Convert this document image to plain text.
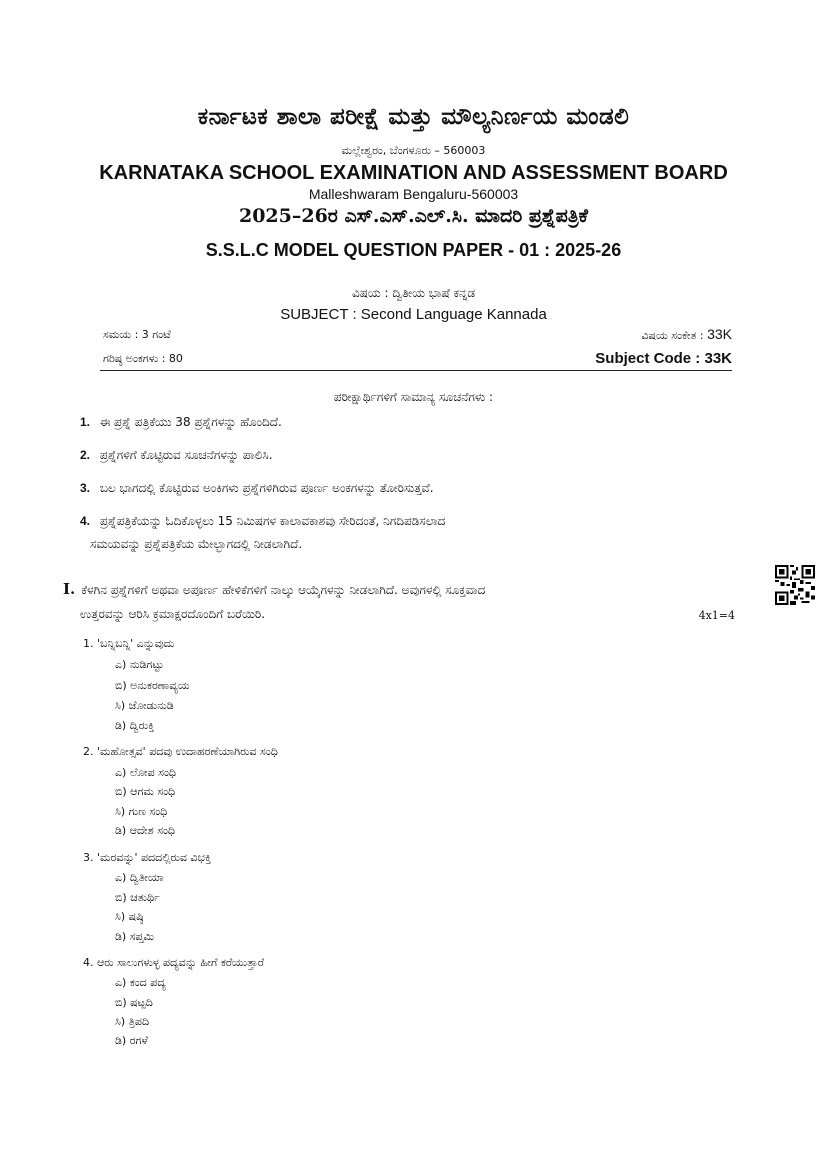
ಕರ್ನಾಟಕ ಶಾಲಾ ಪರೀಕ್ಷೆ ಮತ್ತು ಮೌಲ್ಯನಿರ್ಣಯ ಮಂಡಲಿ
ಮಲ್ಲೇಶ್ವರಂ, ಬೆಂಗಳೂರು – 560003
KARNATAKA SCHOOL EXAMINATION AND ASSESSMENT BOARD
Malleshwaram Bengaluru-560003
2025–26ರ ಎಸ್.ಎಸ್.ಎಲ್.ಸಿ. ಮಾದರಿ ಪ್ರಶ್ನೆಪತ್ರಿಕೆ
S.S.L.C MODEL QUESTION PAPER - 01 : 2025-26
ವಿಷಯ : ದ್ವಿತೀಯ ಭಾಷೆ ಕನ್ನಡ
SUBJECT : Second Language Kannada
ಸಮಯ : 3 ಗಂಟೆ	ವಿಷಯ ಸಂಕೇತ : 33K
ಗರಿಷ್ಠ ಅಂಕಗಳು : 80	Subject Code : 33K
ಪರೀಕ್ಷಾರ್ಥಿಗಳಿಗೆ ಸಾಮಾನ್ಯ ಸೂಚನೆಗಳು :
1. ಈ ಪ್ರಶ್ನೆ ಪತ್ರಿಕೆಯು 38 ಪ್ರಶ್ನೆಗಳನ್ನು ಹೊಂದಿದೆ.
2. ಪ್ರಶ್ನೆಗಳಿಗೆ ಕೊಟ್ಟಿರುವ ಸೂಚನೆಗಳನ್ನು ಪಾಲಿಸಿ.
3. ಬಲ ಭಾಗದಲ್ಲಿ ಕೊಟ್ಟಿರುವ ಅಂಕಿಗಳು ಪ್ರಶ್ನೆಗಳಿಗಿರುವ ಪೂರ್ಣ ಅಂಕಗಳನ್ನು ತೋರಿಸುತ್ತವೆ.
4. ಪ್ರಶ್ನೆಪತ್ರಿಕೆಯನ್ನು ಓದಿಕೊಳ್ಳಲು 15 ನಿಮಿಷಗಳ ಕಾಲಾವಕಾಶವು ಸೇರಿದಂತೆ, ನಿಗದಿಪಡಿಸಲಾದ
ಸಮಯವನ್ನು ಪ್ರಶ್ನೆಪತ್ರಿಕೆಯ ಮೇಲ್ಭಾಗದಲ್ಲಿ ನೀಡಲಾಗಿದೆ.
I. ಕೆಳಗಿನ ಪ್ರಶ್ನೆಗಳಿಗೆ ಅಥವಾ ಅಪೂರ್ಣ ಹೇಳಿಕೆಗಳಿಗೆ ನಾಲ್ಕು ಆಯ್ಕೆಗಳನ್ನು ನೀಡಲಾಗಿದೆ. ಅವುಗಳಲ್ಲಿ ಸೂಕ್ತವಾದ
ಉತ್ತರವನ್ನು ಆರಿಸಿ ಕ್ರಮಾಕ್ಷರದೊಂದಿಗೆ ಬರೆಯಿರಿ.	4x1=4
1. 'ಬನ್ನಿಬನ್ನಿ' ಎನ್ನುವುದು
ಎ) ನುಡಿಗಟ್ಟು
ಬಿ) ಅನುಕರಣಾವ್ಯಯ
ಸಿ) ಜೋಡುನುಡಿ
ಡಿ) ದ್ವಿರುಕ್ತಿ
2. 'ಮಹೋತ್ಸವ' ಪದವು ಉದಾಹರಣೆಯಾಗಿರುವ ಸಂಧಿ
ಎ) ಲೋಪ ಸಂಧಿ
ಬಿ) ಆಗಮ ಸಂಧಿ
ಸಿ) ಗುಣ ಸಂಧಿ
ಡಿ) ಆದೇಶ ಸಂಧಿ
3. 'ಮರವನ್ನು' ಪದದಲ್ಲಿರುವ ವಿಭಕ್ತಿ
ಎ) ದ್ವಿತೀಯಾ
ಬಿ) ಚತುರ್ಥಿ
ಸಿ) ಷಷ್ಠಿ
ಡಿ) ಸಪ್ತಮಿ
4. ಆರು ಸಾಲುಗಳುಳ್ಳ ಪದ್ಯವನ್ನು ಹೀಗೆ ಕರೆಯುತ್ತಾರೆ
ಎ) ಕಂದ ಪದ್ಯ
ಬಿ) ಷಟ್ಪದಿ
ಸಿ) ತ್ರಿಪದಿ
ಡಿ) ರಗಳೆ
